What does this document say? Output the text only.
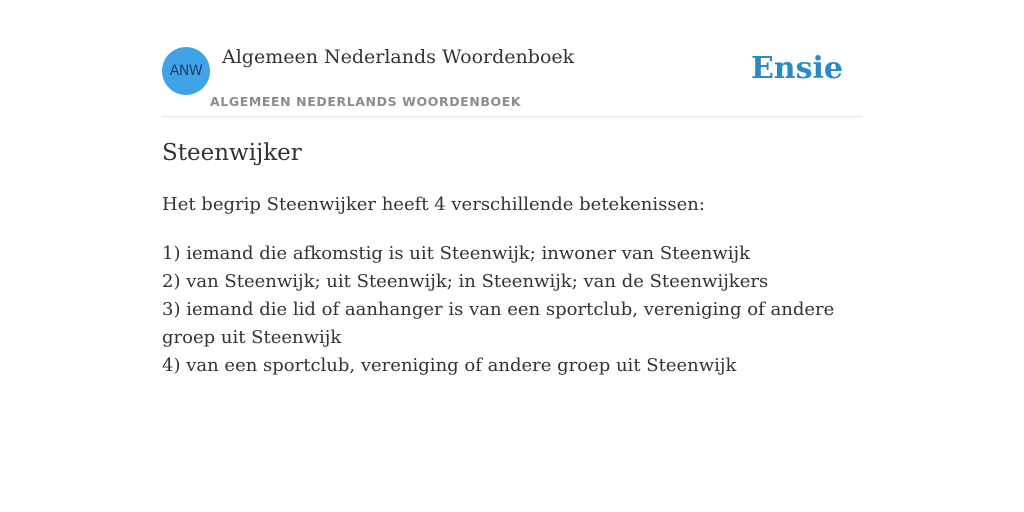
ANW
Algemeen Nederlands Woordenboek
ALGEMEEN NEDERLANDS WOORDENBOEK
Ensie
Steenwijker

Het begrip Steenwijker heeft 4 verschillende betekenissen:

1) iemand die afkomstig is uit Steenwijk; inwoner van Steenwijk
2) van Steenwijk; uit Steenwijk; in Steenwijk; van de Steenwijkers
3) iemand die lid of aanhanger is van een sportclub, vereniging of andere groep uit Steenwijk
4) van een sportclub, vereniging of andere groep uit Steenwijk
